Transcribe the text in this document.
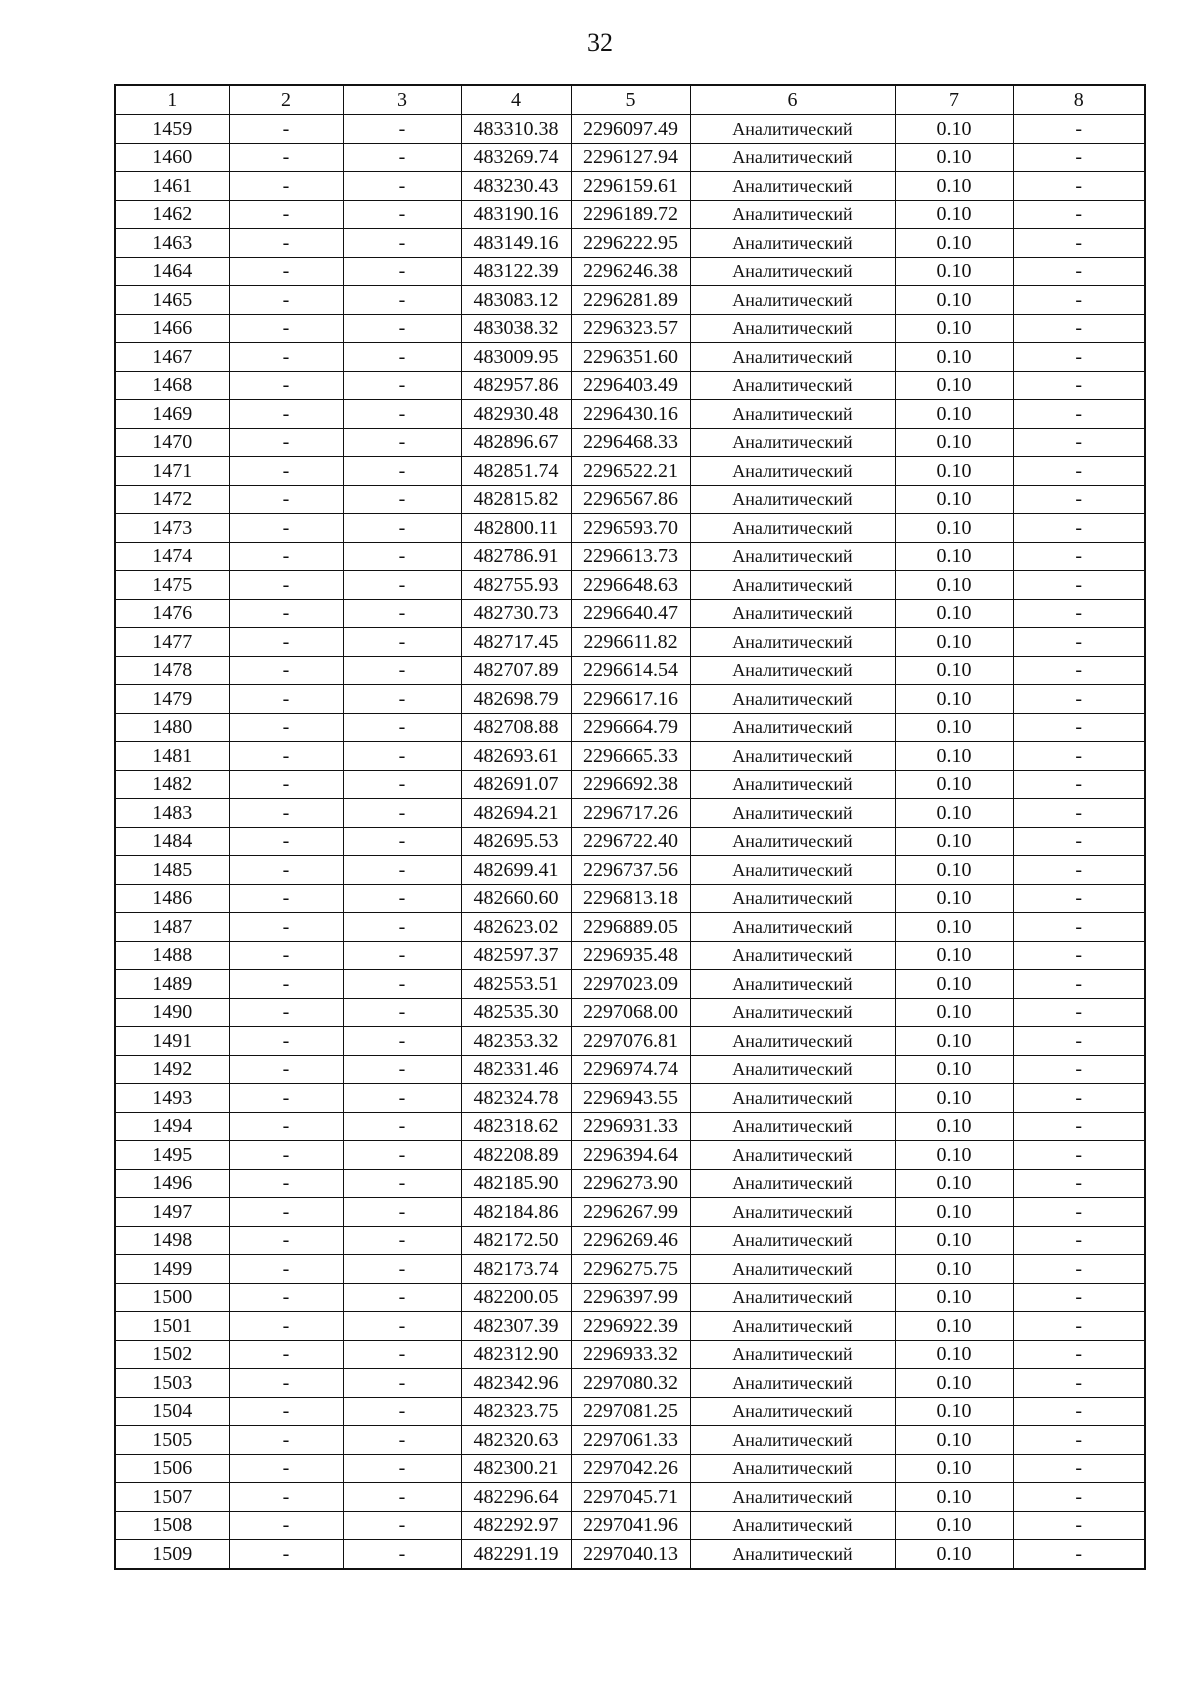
32
1	2	3	4	5	6	7	8
1459	-	-	483310.38	2296097.49	Аналитический	0.10	-
1460	-	-	483269.74	2296127.94	Аналитический	0.10	-
1461	-	-	483230.43	2296159.61	Аналитический	0.10	-
1462	-	-	483190.16	2296189.72	Аналитический	0.10	-
1463	-	-	483149.16	2296222.95	Аналитический	0.10	-
1464	-	-	483122.39	2296246.38	Аналитический	0.10	-
1465	-	-	483083.12	2296281.89	Аналитический	0.10	-
1466	-	-	483038.32	2296323.57	Аналитический	0.10	-
1467	-	-	483009.95	2296351.60	Аналитический	0.10	-
1468	-	-	482957.86	2296403.49	Аналитический	0.10	-
1469	-	-	482930.48	2296430.16	Аналитический	0.10	-
1470	-	-	482896.67	2296468.33	Аналитический	0.10	-
1471	-	-	482851.74	2296522.21	Аналитический	0.10	-
1472	-	-	482815.82	2296567.86	Аналитический	0.10	-
1473	-	-	482800.11	2296593.70	Аналитический	0.10	-
1474	-	-	482786.91	2296613.73	Аналитический	0.10	-
1475	-	-	482755.93	2296648.63	Аналитический	0.10	-
1476	-	-	482730.73	2296640.47	Аналитический	0.10	-
1477	-	-	482717.45	2296611.82	Аналитический	0.10	-
1478	-	-	482707.89	2296614.54	Аналитический	0.10	-
1479	-	-	482698.79	2296617.16	Аналитический	0.10	-
1480	-	-	482708.88	2296664.79	Аналитический	0.10	-
1481	-	-	482693.61	2296665.33	Аналитический	0.10	-
1482	-	-	482691.07	2296692.38	Аналитический	0.10	-
1483	-	-	482694.21	2296717.26	Аналитический	0.10	-
1484	-	-	482695.53	2296722.40	Аналитический	0.10	-
1485	-	-	482699.41	2296737.56	Аналитический	0.10	-
1486	-	-	482660.60	2296813.18	Аналитический	0.10	-
1487	-	-	482623.02	2296889.05	Аналитический	0.10	-
1488	-	-	482597.37	2296935.48	Аналитический	0.10	-
1489	-	-	482553.51	2297023.09	Аналитический	0.10	-
1490	-	-	482535.30	2297068.00	Аналитический	0.10	-
1491	-	-	482353.32	2297076.81	Аналитический	0.10	-
1492	-	-	482331.46	2296974.74	Аналитический	0.10	-
1493	-	-	482324.78	2296943.55	Аналитический	0.10	-
1494	-	-	482318.62	2296931.33	Аналитический	0.10	-
1495	-	-	482208.89	2296394.64	Аналитический	0.10	-
1496	-	-	482185.90	2296273.90	Аналитический	0.10	-
1497	-	-	482184.86	2296267.99	Аналитический	0.10	-
1498	-	-	482172.50	2296269.46	Аналитический	0.10	-
1499	-	-	482173.74	2296275.75	Аналитический	0.10	-
1500	-	-	482200.05	2296397.99	Аналитический	0.10	-
1501	-	-	482307.39	2296922.39	Аналитический	0.10	-
1502	-	-	482312.90	2296933.32	Аналитический	0.10	-
1503	-	-	482342.96	2297080.32	Аналитический	0.10	-
1504	-	-	482323.75	2297081.25	Аналитический	0.10	-
1505	-	-	482320.63	2297061.33	Аналитический	0.10	-
1506	-	-	482300.21	2297042.26	Аналитический	0.10	-
1507	-	-	482296.64	2297045.71	Аналитический	0.10	-
1508	-	-	482292.97	2297041.96	Аналитический	0.10	-
1509	-	-	482291.19	2297040.13	Аналитический	0.10	-
